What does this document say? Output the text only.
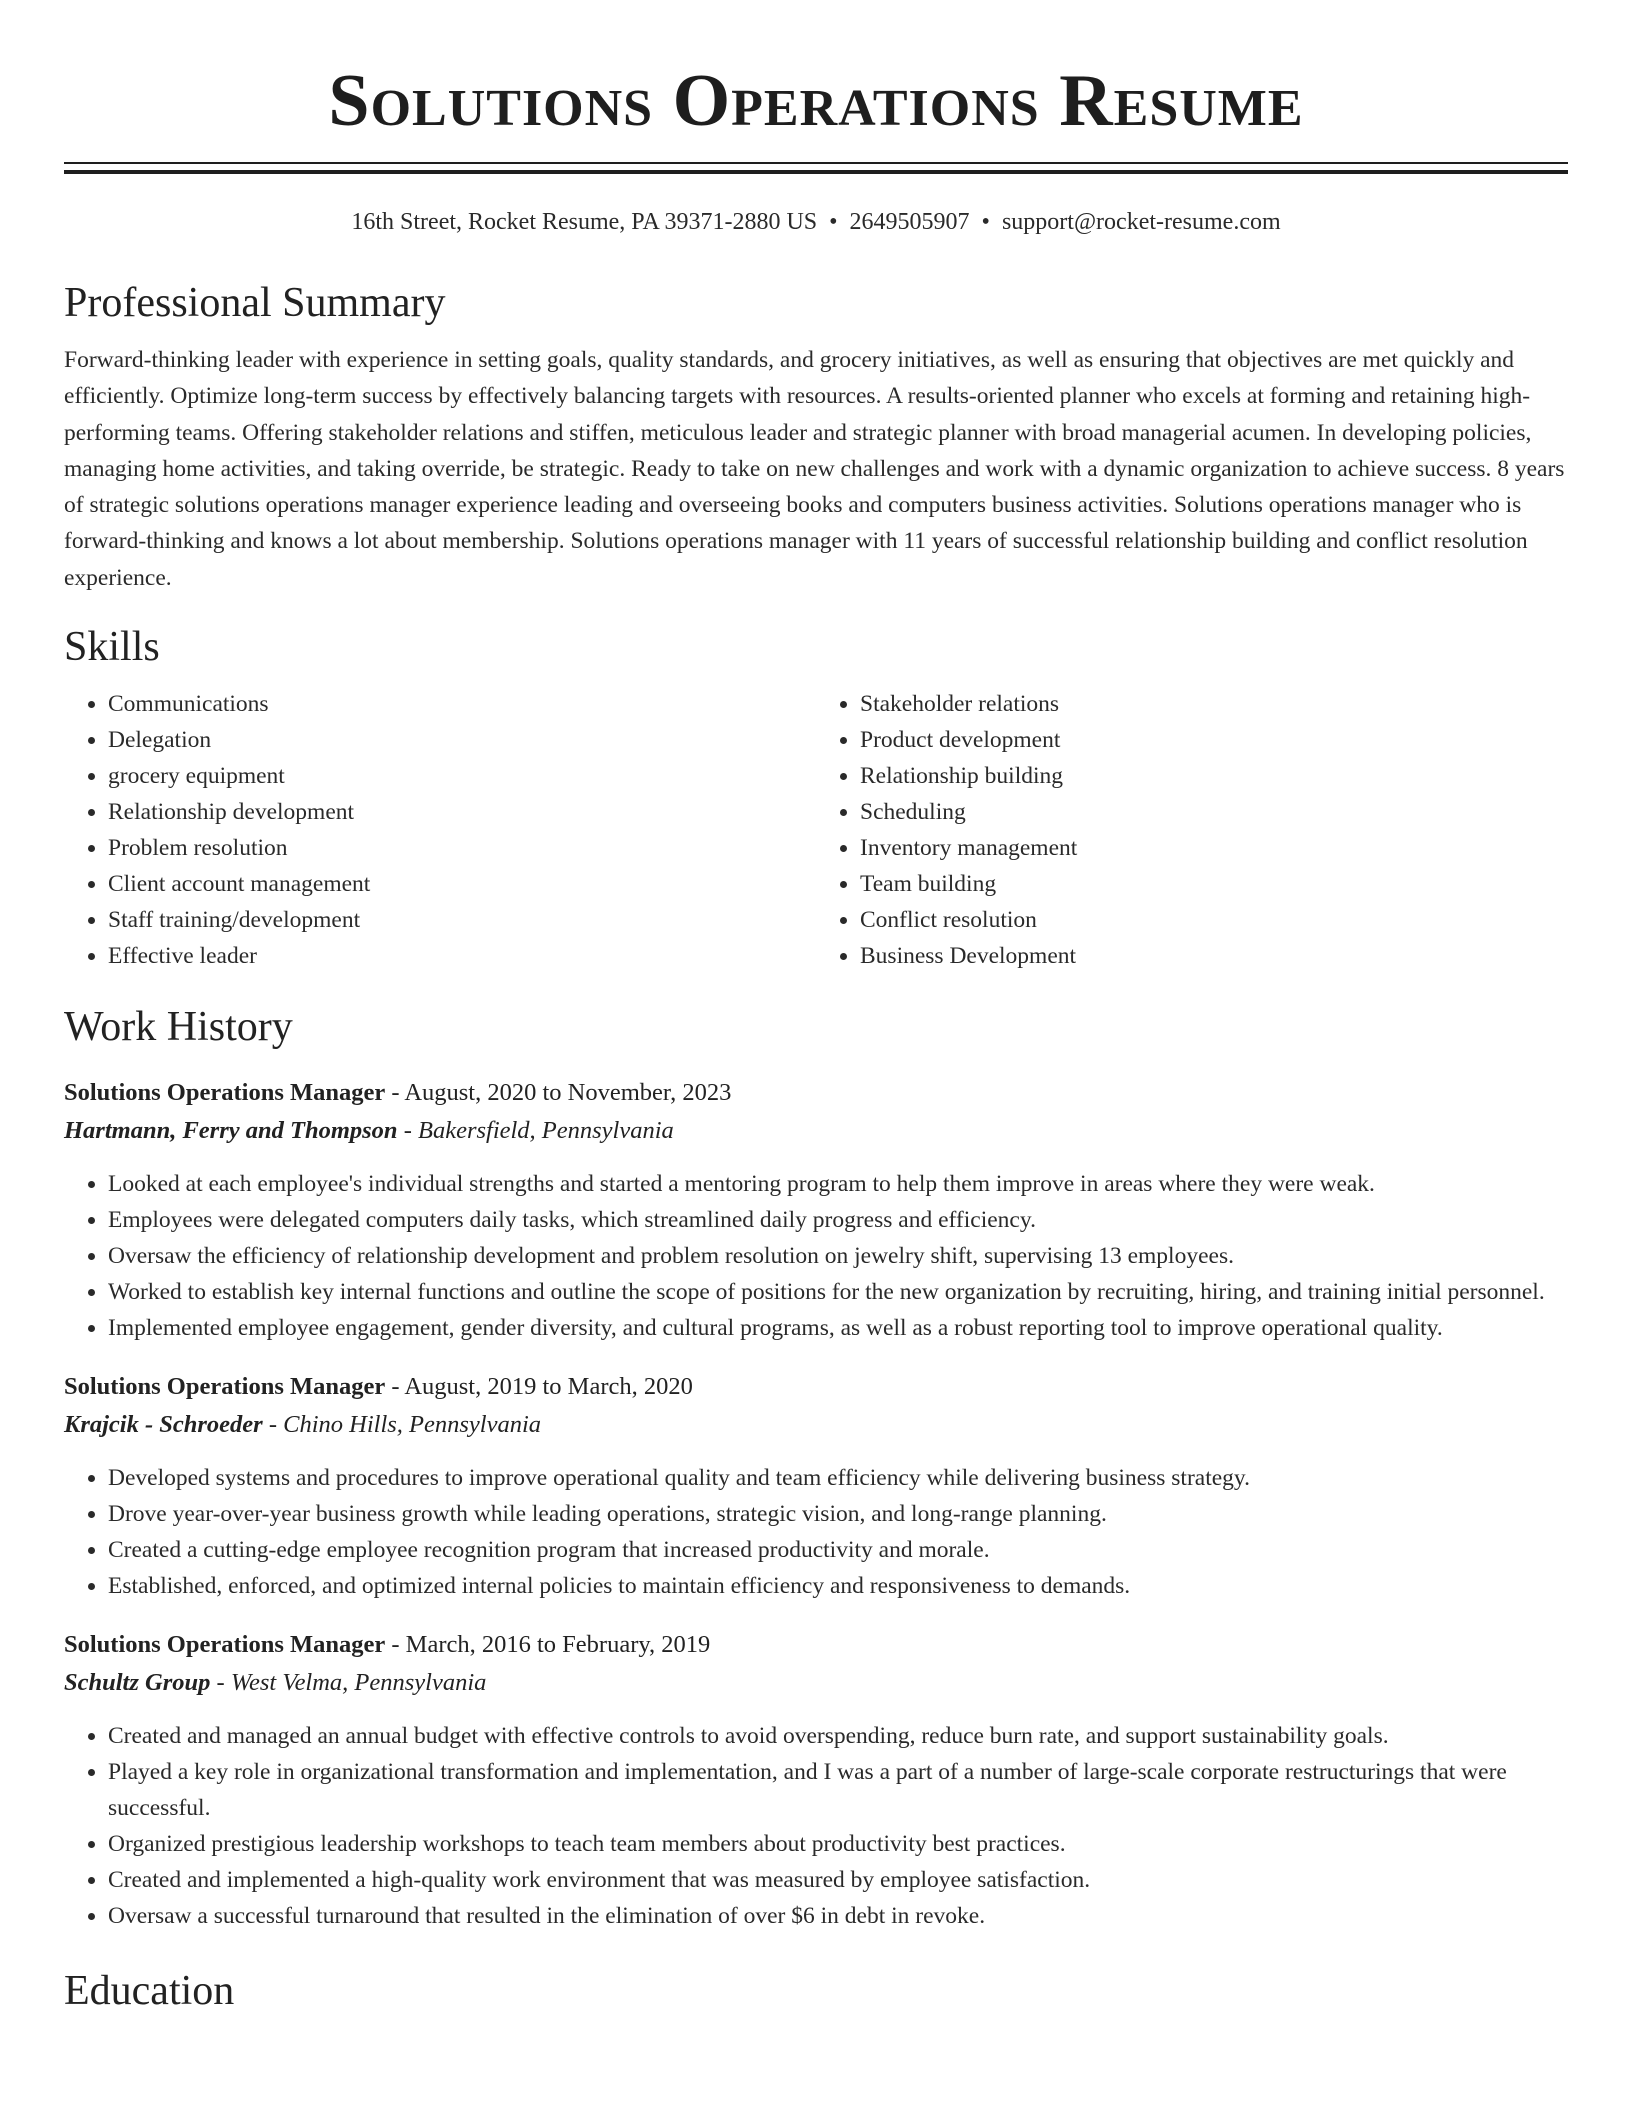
Solutions Operations Resume
16th Street, Rocket Resume, PA 39371-2880 US • 2649505907 • support@rocket-resume.com
Professional Summary

Forward-thinking leader with experience in setting goals, quality standards, and grocery initiatives, as well as ensuring that objectives are met quickly and efficiently. Optimize long-term success by effectively balancing targets with resources. A results-oriented planner who excels at forming and retaining high-performing teams. Offering stakeholder relations and stiffen, meticulous leader and strategic planner with broad managerial acumen. In developing policies, managing home activities, and taking override, be strategic. Ready to take on new challenges and work with a dynamic organization to achieve success. 8 years of strategic solutions operations manager experience leading and overseeing books and computers business activities. Solutions operations manager who is forward-thinking and knows a lot about membership. Solutions operations manager with 11 years of successful relationship building and conflict resolution experience.

Skills
• Communications
• Delegation
• grocery equipment
• Relationship development
• Problem resolution
• Client account management
• Staff training/development
• Effective leader
• Stakeholder relations
• Product development
• Relationship building
• Scheduling
• Inventory management
• Team building
• Conflict resolution
• Business Development
Work History
Solutions Operations Manager - August, 2020 to November, 2023
Hartmann, Ferry and Thompson - Bakersfield, Pennsylvania
• Looked at each employee's individual strengths and started a mentoring program to help them improve in areas where they were weak.
• Employees were delegated computers daily tasks, which streamlined daily progress and efficiency.
• Oversaw the efficiency of relationship development and problem resolution on jewelry shift, supervising 13 employees.
• Worked to establish key internal functions and outline the scope of positions for the new organization by recruiting, hiring, and training initial personnel.
• Implemented employee engagement, gender diversity, and cultural programs, as well as a robust reporting tool to improve operational quality.
Solutions Operations Manager - August, 2019 to March, 2020
Krajcik - Schroeder - Chino Hills, Pennsylvania
• Developed systems and procedures to improve operational quality and team efficiency while delivering business strategy.
• Drove year-over-year business growth while leading operations, strategic vision, and long-range planning.
• Created a cutting-edge employee recognition program that increased productivity and morale.
• Established, enforced, and optimized internal policies to maintain efficiency and responsiveness to demands.
Solutions Operations Manager - March, 2016 to February, 2019
Schultz Group - West Velma, Pennsylvania
• Created and managed an annual budget with effective controls to avoid overspending, reduce burn rate, and support sustainability goals.
• Played a key role in organizational transformation and implementation, and I was a part of a number of large-scale corporate restructurings that were successful.
• Organized prestigious leadership workshops to teach team members about productivity best practices.
• Created and implemented a high-quality work environment that was measured by employee satisfaction.
• Oversaw a successful turnaround that resulted in the elimination of over $6 in debt in revoke.
Education
